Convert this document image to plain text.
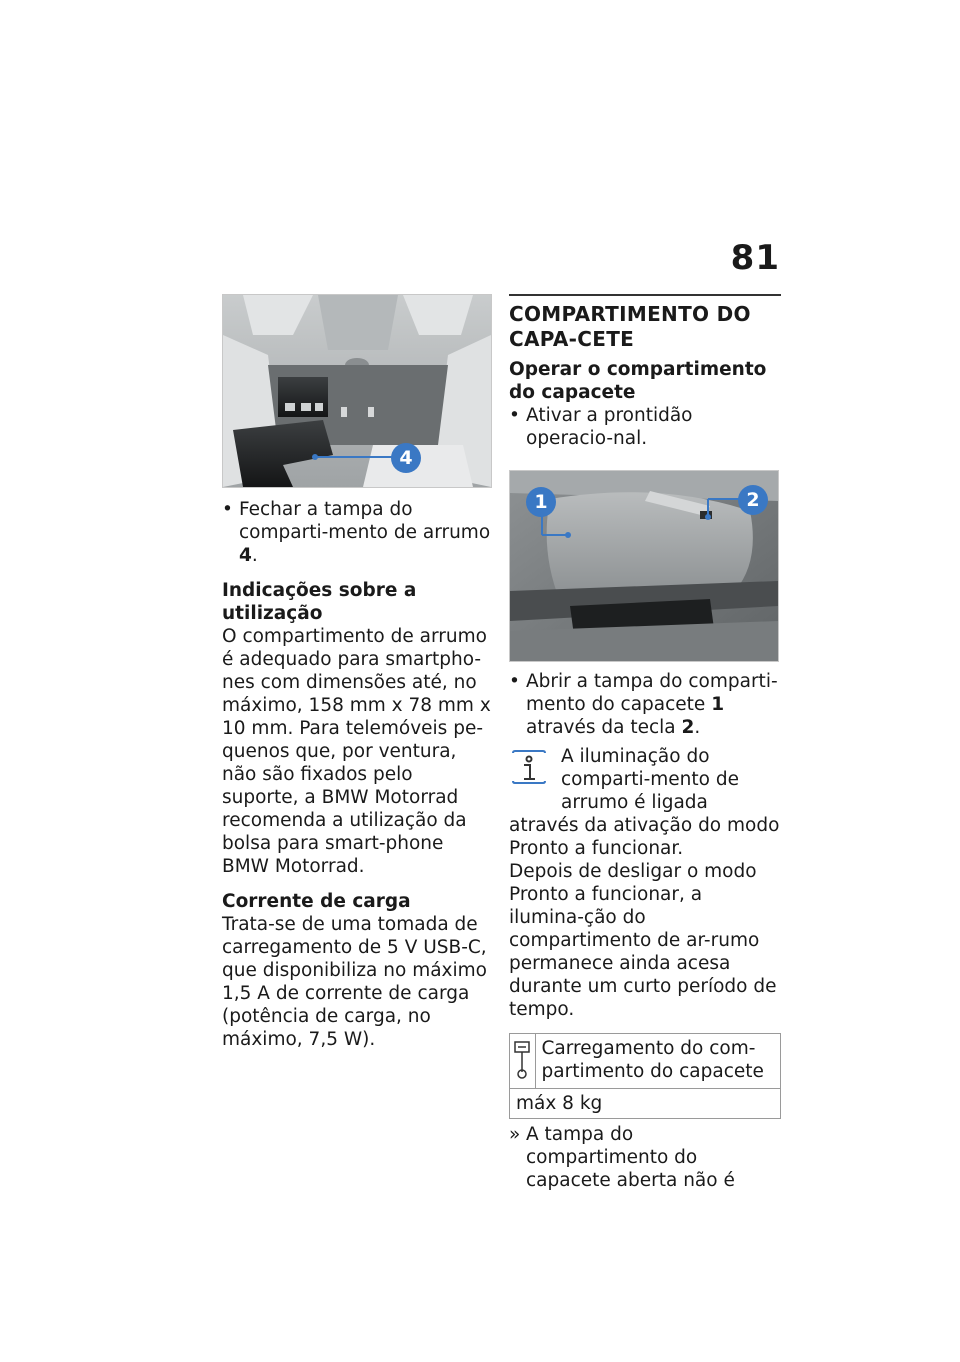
81
4

• Fechar a tampa do comparti-mento de arrumo 4.

Indicações sobre a utilização

O compartimento de arrumo é adequado para smartpho-nes com dimensões até, no máximo, 158 mm x 78 mm x 10 mm. Para telemóveis pe-quenos que, por ventura, não são fixados pelo suporte, a BMW Motorrad recomenda a utilização da bolsa para smart-phone BMW Motorrad.

Corrente de carga

Trata-se de uma tomada de carregamento de 5 V USB-C, que disponibiliza no máximo 1,5 A de corrente de carga (potência de carga, no máximo, 7,5 W).

COMPARTIMENTO DO CAPA-CETE
Operar o compartimento do capacete

• Ativar a prontidão operacio-nal.

1	2

• Abrir a tampa do comparti-mento do capacete 1 através da tecla 2.

A iluminação do comparti-mento de arrumo é ligada

através da ativação do modo Pronto a funcionar.

Depois de desligar o modo Pronto a funcionar, a ilumina-ção do compartimento de ar-rumo permanece ainda acesa durante um curto período de tempo.

Carregamento do com-partimento do capacete
máx 8 kg

» A tampa do compartimento do capacete aberta não é
